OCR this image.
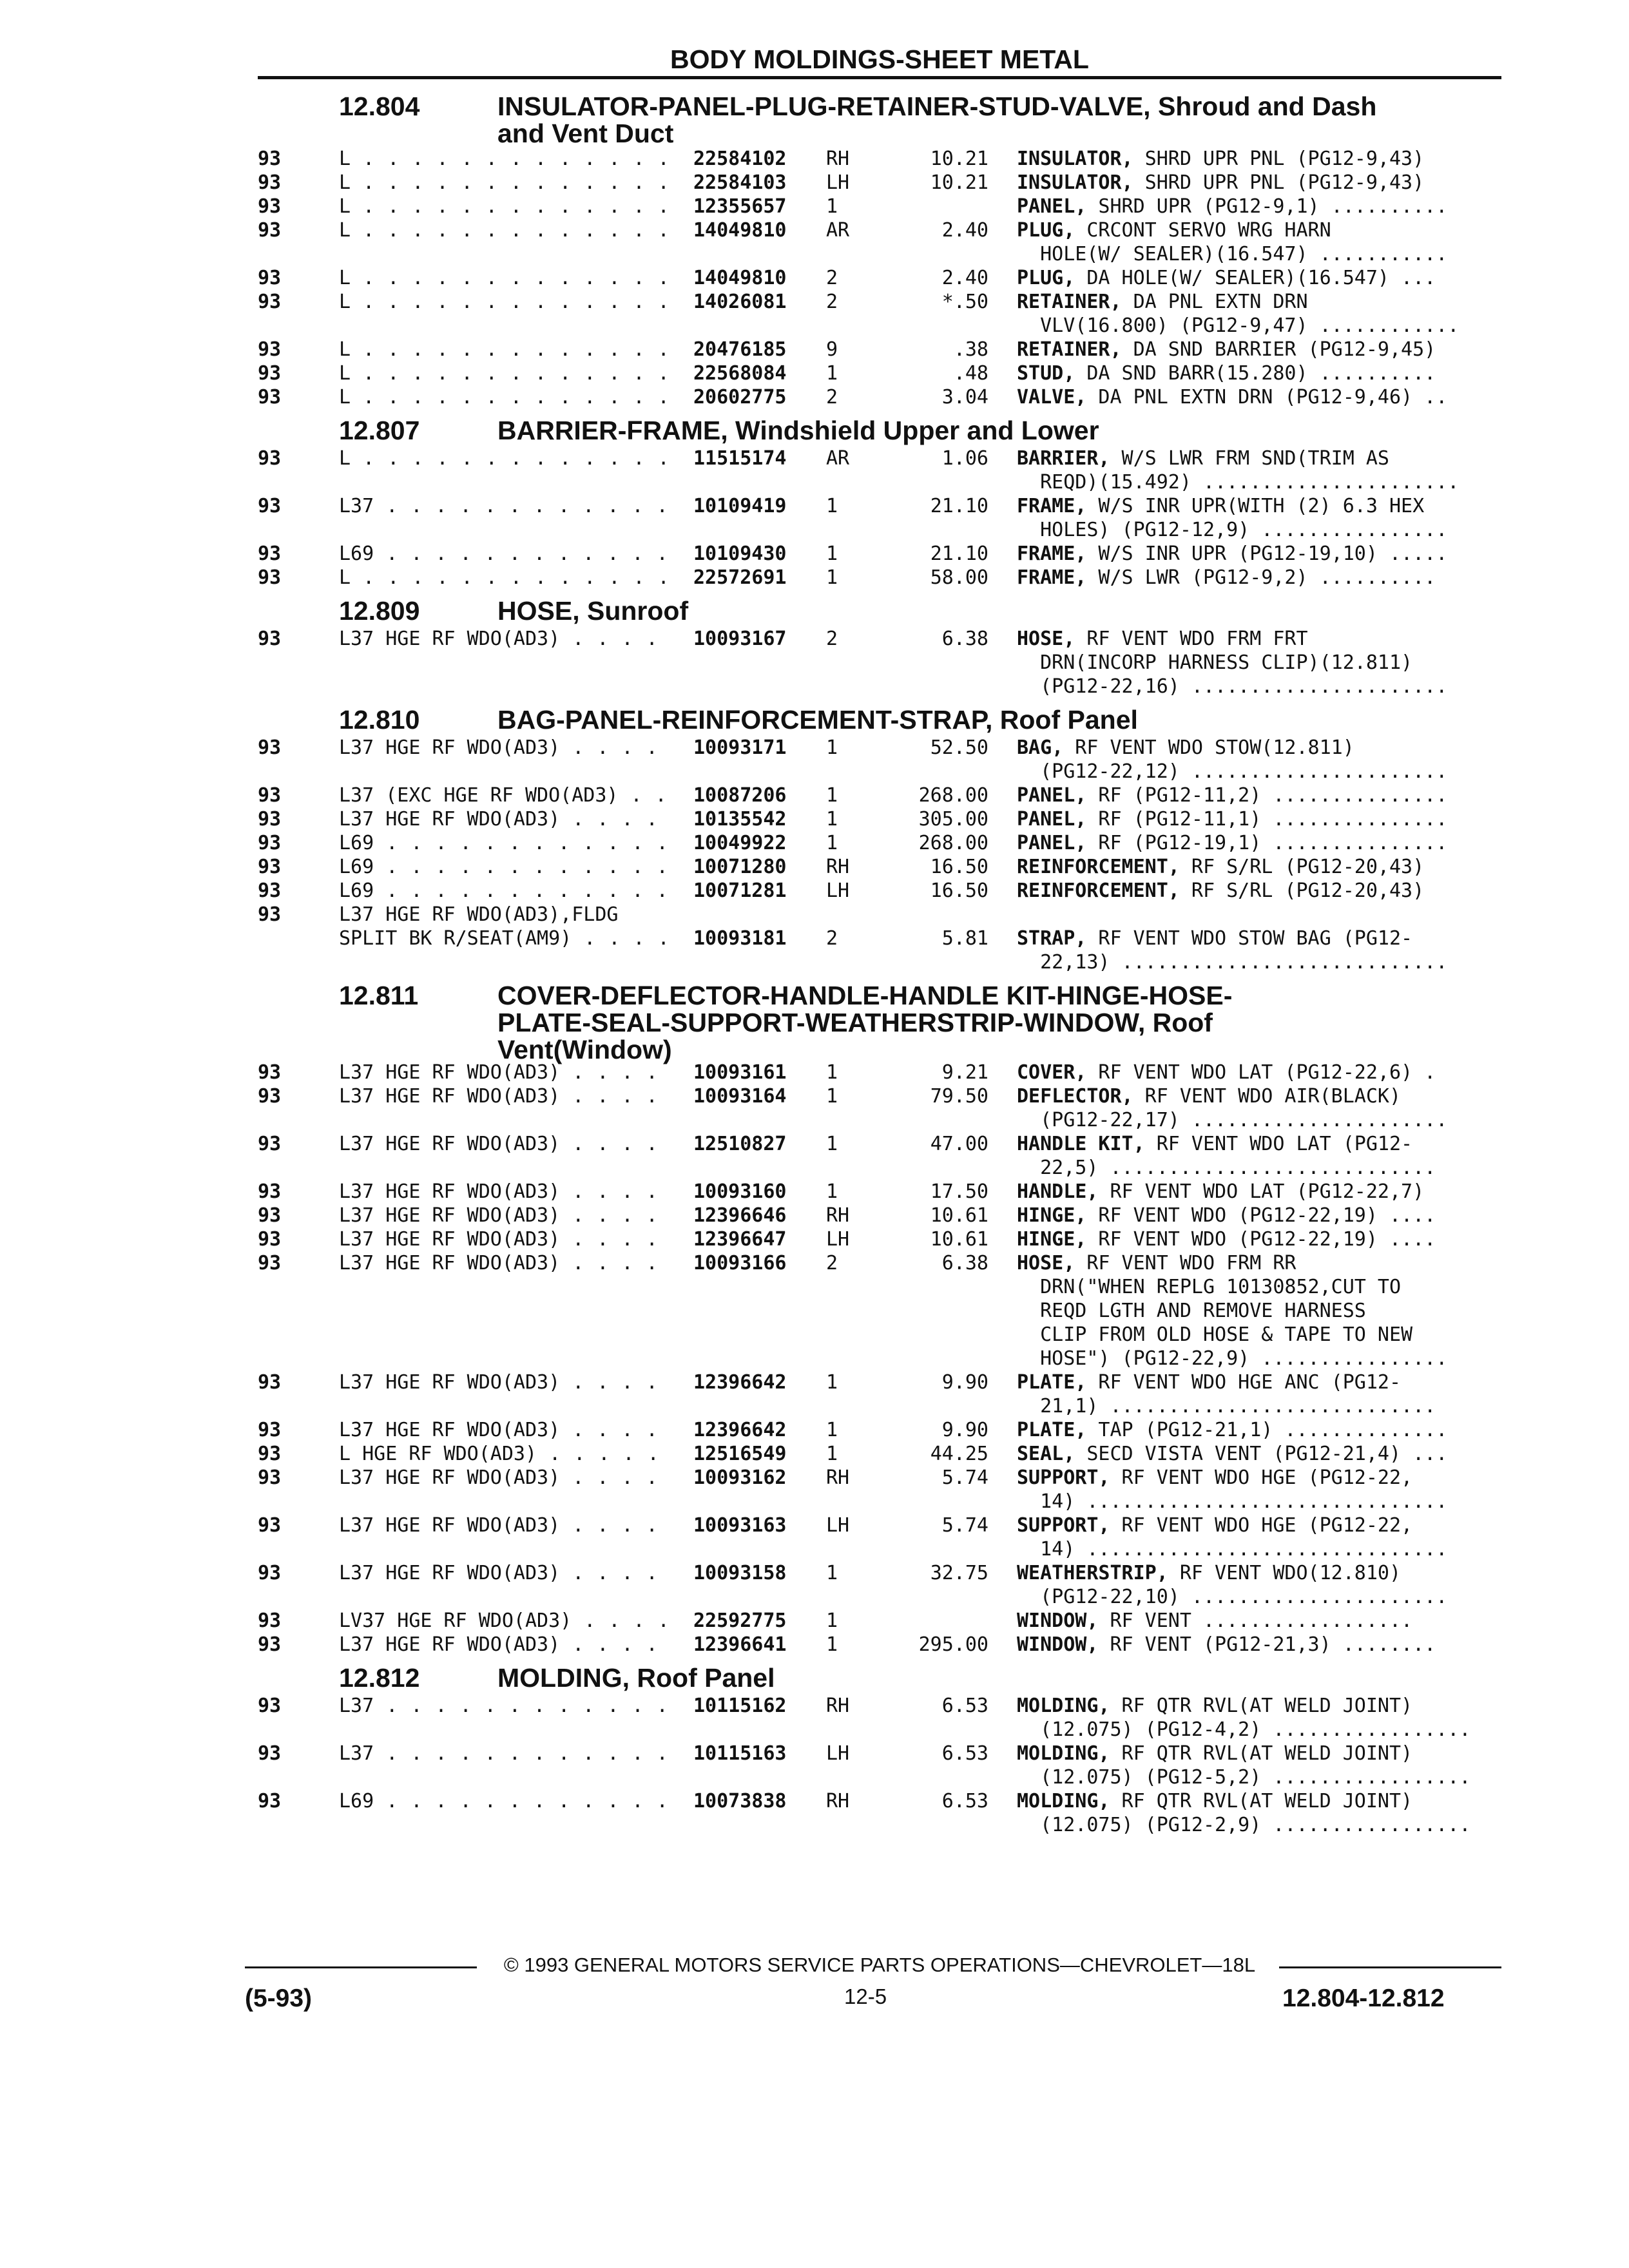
BODY MOLDINGS-SHEET METAL
12.804	INSULATOR-PANEL-PLUG-RETAINER-STUD-VALVE, Shroud and Dash
and Vent Duct
93	L . . . . . . . . . . . . . 22584102 RH	10.21 INSULATOR, SHRD UPR PNL (PG12-9,43)
93	L . . . . . . . . . . . . . 22584103 LH	10.21 INSULATOR, SHRD UPR PNL (PG12-9,43)
93	L . . . . . . . . . . . . . 12355657 1	PANEL, SHRD UPR (PG12-9,1) ..........
93	L . . . . . . . . . . . . . 14049810 AR	2.40 PLUG, CRCONT SERVO WRG HARN
HOLE(W/ SEALER)(16.547) ...........
93	L . . . . . . . . . . . . . 14049810 2	2.40 PLUG, DA HOLE(W/ SEALER)(16.547) ...
93	L . . . . . . . . . . . . . 14026081 2	*.50 RETAINER, DA PNL EXTN DRN
VLV(16.800) (PG12-9,47) ............
93	L . . . . . . . . . . . . . 20476185 9	.38 RETAINER, DA SND BARRIER (PG12-9,45)
93	L . . . . . . . . . . . . . 22568084 1	.48 STUD, DA SND BARR(15.280) ..........
93	L . . . . . . . . . . . . . 20602775 2	3.04 VALVE, DA PNL EXTN DRN (PG12-9,46) ..
12.807	BARRIER-FRAME, Windshield Upper and Lower
93	L . . . . . . . . . . . . . 11515174 AR	1.06 BARRIER, W/S LWR FRM SND(TRIM AS
REQD)(15.492) ......................
93	L37 . . . . . . . . . . . . 10109419 1	21.10 FRAME, W/S INR UPR(WITH (2) 6.3 HEX
HOLES) (PG12-12,9) ................
93	L69 . . . . . . . . . . . . 10109430 1	21.10 FRAME, W/S INR UPR (PG12-19,10) .....
93	L . . . . . . . . . . . . . 22572691 1	58.00 FRAME, W/S LWR (PG12-9,2) ..........
12.809	HOSE, Sunroof
93	L37 HGE RF WDO(AD3) . . . . 10093167 2	6.38 HOSE, RF VENT WDO FRM FRT
DRN(INCORP HARNESS CLIP)(12.811)
(PG12-22,16) ......................
12.810	BAG-PANEL-REINFORCEMENT-STRAP, Roof Panel
93	L37 HGE RF WDO(AD3) . . . . 10093171 1	52.50 BAG, RF VENT WDO STOW(12.811)
(PG12-22,12) ......................
93	L37 (EXC HGE RF WDO(AD3) . . 10087206 1	268.00 PANEL, RF (PG12-11,2) ...............
93	L37 HGE RF WDO(AD3) . . . . 10135542 1	305.00 PANEL, RF (PG12-11,1) ...............
93	L69 . . . . . . . . . . . . 10049922 1	268.00 PANEL, RF (PG12-19,1) ...............
93	L69 . . . . . . . . . . . . 10071280 RH	16.50 REINFORCEMENT, RF S/RL (PG12-20,43)
93	L69 . . . . . . . . . . . . 10071281 LH	16.50 REINFORCEMENT, RF S/RL (PG12-20,43)
93	L37 HGE RF WDO(AD3),FLDG
SPLIT BK R/SEAT(AM9) . . . . 10093181 2	5.81 STRAP, RF VENT WDO STOW BAG (PG12-
22,13) ............................
12.811	COVER-DEFLECTOR-HANDLE-HANDLE KIT-HINGE-HOSE-
PLATE-SEAL-SUPPORT-WEATHERSTRIP-WINDOW, Roof
Vent(Window)
93	L37 HGE RF WDO(AD3) . . . . 10093161 1	9.21 COVER, RF VENT WDO LAT (PG12-22,6) .
93	L37 HGE RF WDO(AD3) . . . . 10093164 1	79.50 DEFLECTOR, RF VENT WDO AIR(BLACK)
(PG12-22,17) ......................
93	L37 HGE RF WDO(AD3) . . . . 12510827 1	47.00 HANDLE KIT, RF VENT WDO LAT (PG12-
22,5) ............................
93	L37 HGE RF WDO(AD3) . . . . 10093160 1	17.50 HANDLE, RF VENT WDO LAT (PG12-22,7)
93	L37 HGE RF WDO(AD3) . . . . 12396646 RH	10.61 HINGE, RF VENT WDO (PG12-22,19) ....
93	L37 HGE RF WDO(AD3) . . . . 12396647 LH	10.61 HINGE, RF VENT WDO (PG12-22,19) ....
93	L37 HGE RF WDO(AD3) . . . . 10093166 2	6.38 HOSE, RF VENT WDO FRM RR
DRN("WHEN REPLG 10130852,CUT TO
REQD LGTH AND REMOVE HARNESS
CLIP FROM OLD HOSE & TAPE TO NEW
HOSE") (PG12-22,9) ................
93	L37 HGE RF WDO(AD3) . . . . 12396642 1	9.90 PLATE, RF VENT WDO HGE ANC (PG12-
21,1) ............................
93	L37 HGE RF WDO(AD3) . . . . 12396642 1	9.90 PLATE, TAP (PG12-21,1) ..............
93	L HGE RF WDO(AD3) . . . . . 12516549 1	44.25 SEAL, SECD VISTA VENT (PG12-21,4) ...
93	L37 HGE RF WDO(AD3) . . . . 10093162 RH	5.74 SUPPORT, RF VENT WDO HGE (PG12-22,
14) ...............................
93	L37 HGE RF WDO(AD3) . . . . 10093163 LH	5.74 SUPPORT, RF VENT WDO HGE (PG12-22,
14) ...............................
93	L37 HGE RF WDO(AD3) . . . . 10093158 1	32.75 WEATHERSTRIP, RF VENT WDO(12.810)
(PG12-22,10) ......................
93	LV37 HGE RF WDO(AD3) . . . . 22592775 1	WINDOW, RF VENT ..................
93	L37 HGE RF WDO(AD3) . . . . 12396641 1	295.00 WINDOW, RF VENT (PG12-21,3) ........
12.812	MOLDING, Roof Panel
93	L37 . . . . . . . . . . . . 10115162 RH	6.53 MOLDING, RF QTR RVL(AT WELD JOINT)
(12.075) (PG12-4,2) .................
93	L37 . . . . . . . . . . . . 10115163 LH	6.53 MOLDING, RF QTR RVL(AT WELD JOINT)
(12.075) (PG12-5,2) .................
93	L69 . . . . . . . . . . . . 10073838 RH	6.53 MOLDING, RF QTR RVL(AT WELD JOINT)
(12.075) (PG12-2,9) .................
© 1993 GENERAL MOTORS SERVICE PARTS OPERATIONS—CHEVROLET—18L
(5-93)	12-5	12.804-12.812
